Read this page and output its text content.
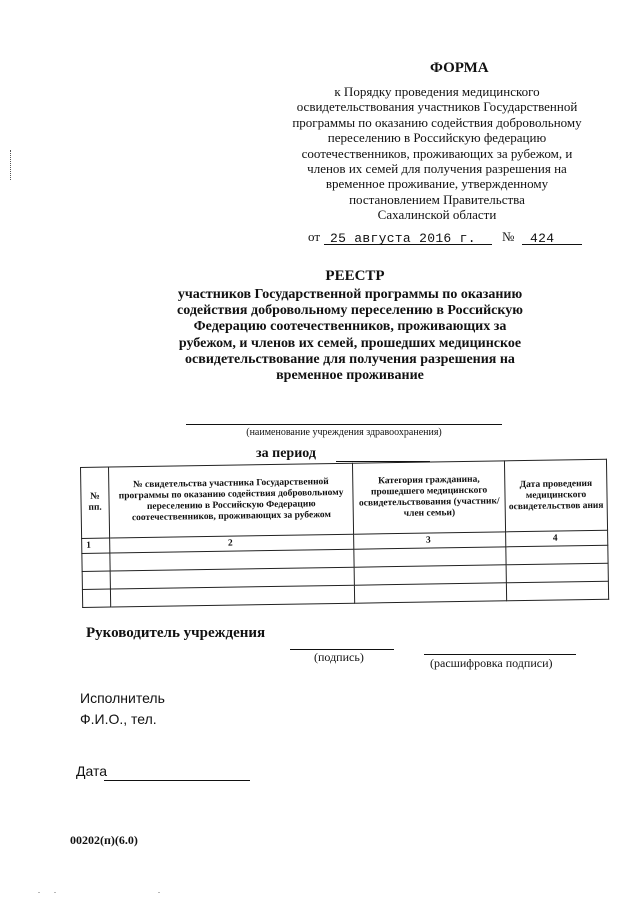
ФОРМА
к Порядку проведения медицинского
освидетельствования участников Государственной
программы по оказанию содействия добровольному
переселению в Российскую федерацию
соотечественников, проживающих за рубежом, и
членов их семей для получения разрешения на
временное проживание, утвержденному
постановлением Правительства
Сахалинской области
от 25 августа 2016 г. № 424
РЕЕСТР
участников Государственной программы по оказанию
содействия добровольному переселению в Российскую
Федерацию соотечественников, проживающих за
рубежом, и членов их семей, прошедших медицинское
освидетельствование для получения разрешения на
временное проживание
(наименование учреждения здравоохранения)
за период
№ пп.	№ свидетельства участника Государственной программы по оказанию содействия добровольному переселению в Российскую Федерацию соотечественников, проживающих за рубежом	Категория гражданина, прошедшего медицинского освидетельствования (участник/член семьи)	Дата проведения медицинского освидетельствов ания
1	2	3	4

Руководитель учреждения
(подпись)	(расшифровка подписи)
Исполнитель
Ф.И.О., тел.
Дата
00202(п)(6.0)
. .            .
